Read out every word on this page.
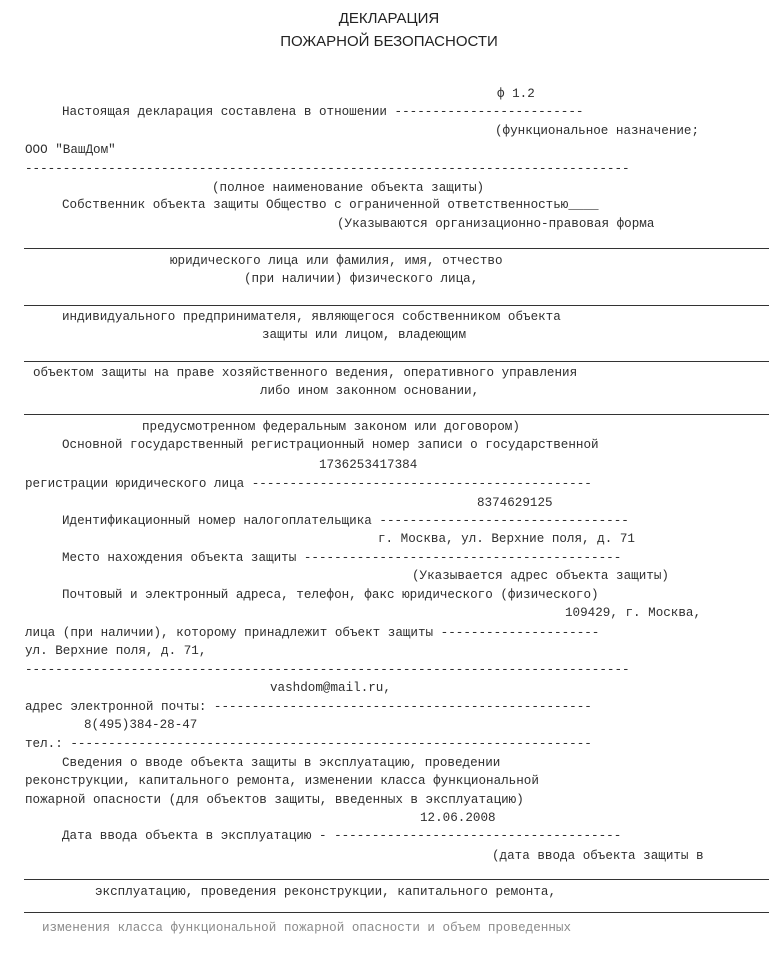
ДЕКЛАРАЦИЯ
ПОЖАРНОЙ БЕЗОПАСНОСТИ
ф 1.2
Настоящая декларация составлена в отношении -------------------------
(функциональное назначение;
ООО "ВашДом"
--------------------------------------------------------------------------------
(полное наименование объекта защиты)
Собственник объекта защиты Общество с ограниченной ответственностью____
(Указываются организационно-правовая форма
юридического лица или фамилия, имя, отчество
(при наличии) физического лица,
индивидуального предпринимателя, являющегося собственником объекта
защиты или лицом, владеющим
объектом защиты на праве хозяйственного ведения, оперативного управления
либо ином законном основании,
предусмотренном федеральным законом или договором)
Основной государственный регистрационный номер записи о государственной
1736253417384
регистрации юридического лица ---------------------------------------------
8374629125
Идентификационный номер налогоплательщика ---------------------------------
г. Москва, ул. Верхние поля, д. 71
Место нахождения объекта защиты ------------------------------------------
(Указывается адрес объекта защиты)
Почтовый и электронный адреса, телефон, факс юридического (физического)
109429, г. Москва,
лица (при наличии), которому принадлежит объект защиты ---------------------
ул. Верхние поля, д. 71,
--------------------------------------------------------------------------------
vashdom@mail.ru,
адрес электронной почты: --------------------------------------------------
8(495)384-28-47
тел.: ---------------------------------------------------------------------
Сведения о вводе объекта защиты в эксплуатацию, проведении
реконструкции, капитального ремонта, изменении класса функциональной
пожарной опасности (для объектов защиты, введенных в эксплуатацию)
12.06.2008
Дата ввода объекта в эксплуатацию - --------------------------------------
(дата ввода объекта защиты в
эксплуатацию, проведения реконструкции, капитального ремонта,
изменения класса функциональной пожарной опасности и объем проведенных
